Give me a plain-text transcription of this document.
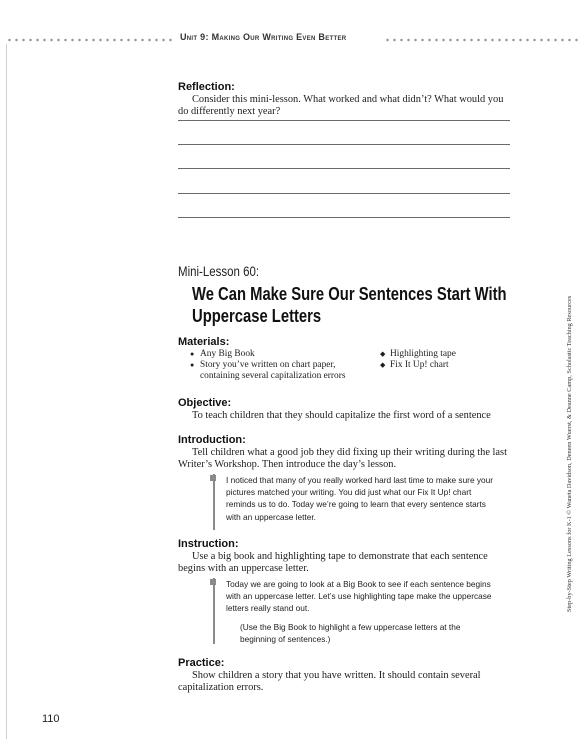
Unit 9: Making Our Writing Even Better
Reflection:
Consider this mini-lesson. What worked and what didn’t? What would you do differently next year?
Mini-Lesson 60:
We Can Make Sure Our Sentences Start With
Uppercase Letters
Materials:
● Any Big Book
● Story you’ve written on chart paper,
containing several capitalization errors
◆ Highlighting tape
◆ Fix It Up! chart
Objective:
To teach children that they should capitalize the first word of a sentence
Introduction:
Tell children what a good job they did fixing up their writing during the last Writer’s Workshop. Then introduce the day’s lesson.
I noticed that many of you really worked hard last time to make sure your pictures matched your writing. You did just what our Fix It Up! chart reminds us to do. Today we’re going to learn that every sentence starts with an uppercase letter.
Instruction:
Use a big book and highlighting tape to demonstrate that each sentence begins with an uppercase letter.
Today we are going to look at a Big Book to see if each sentence begins with an uppercase letter. Let’s use highlighting tape make the uppercase letters really stand out.
(Use the Big Book to highlight a few uppercase letters at the beginning of sentences.)
Practice:
Show children a story that you have written. It should contain several capitalization errors.
110
Step-by-Step Writing Lessons for K-1 © Waneta Davidson, Deneen Wuerst, & Deanne Camp, Scholastic Teaching Resources
